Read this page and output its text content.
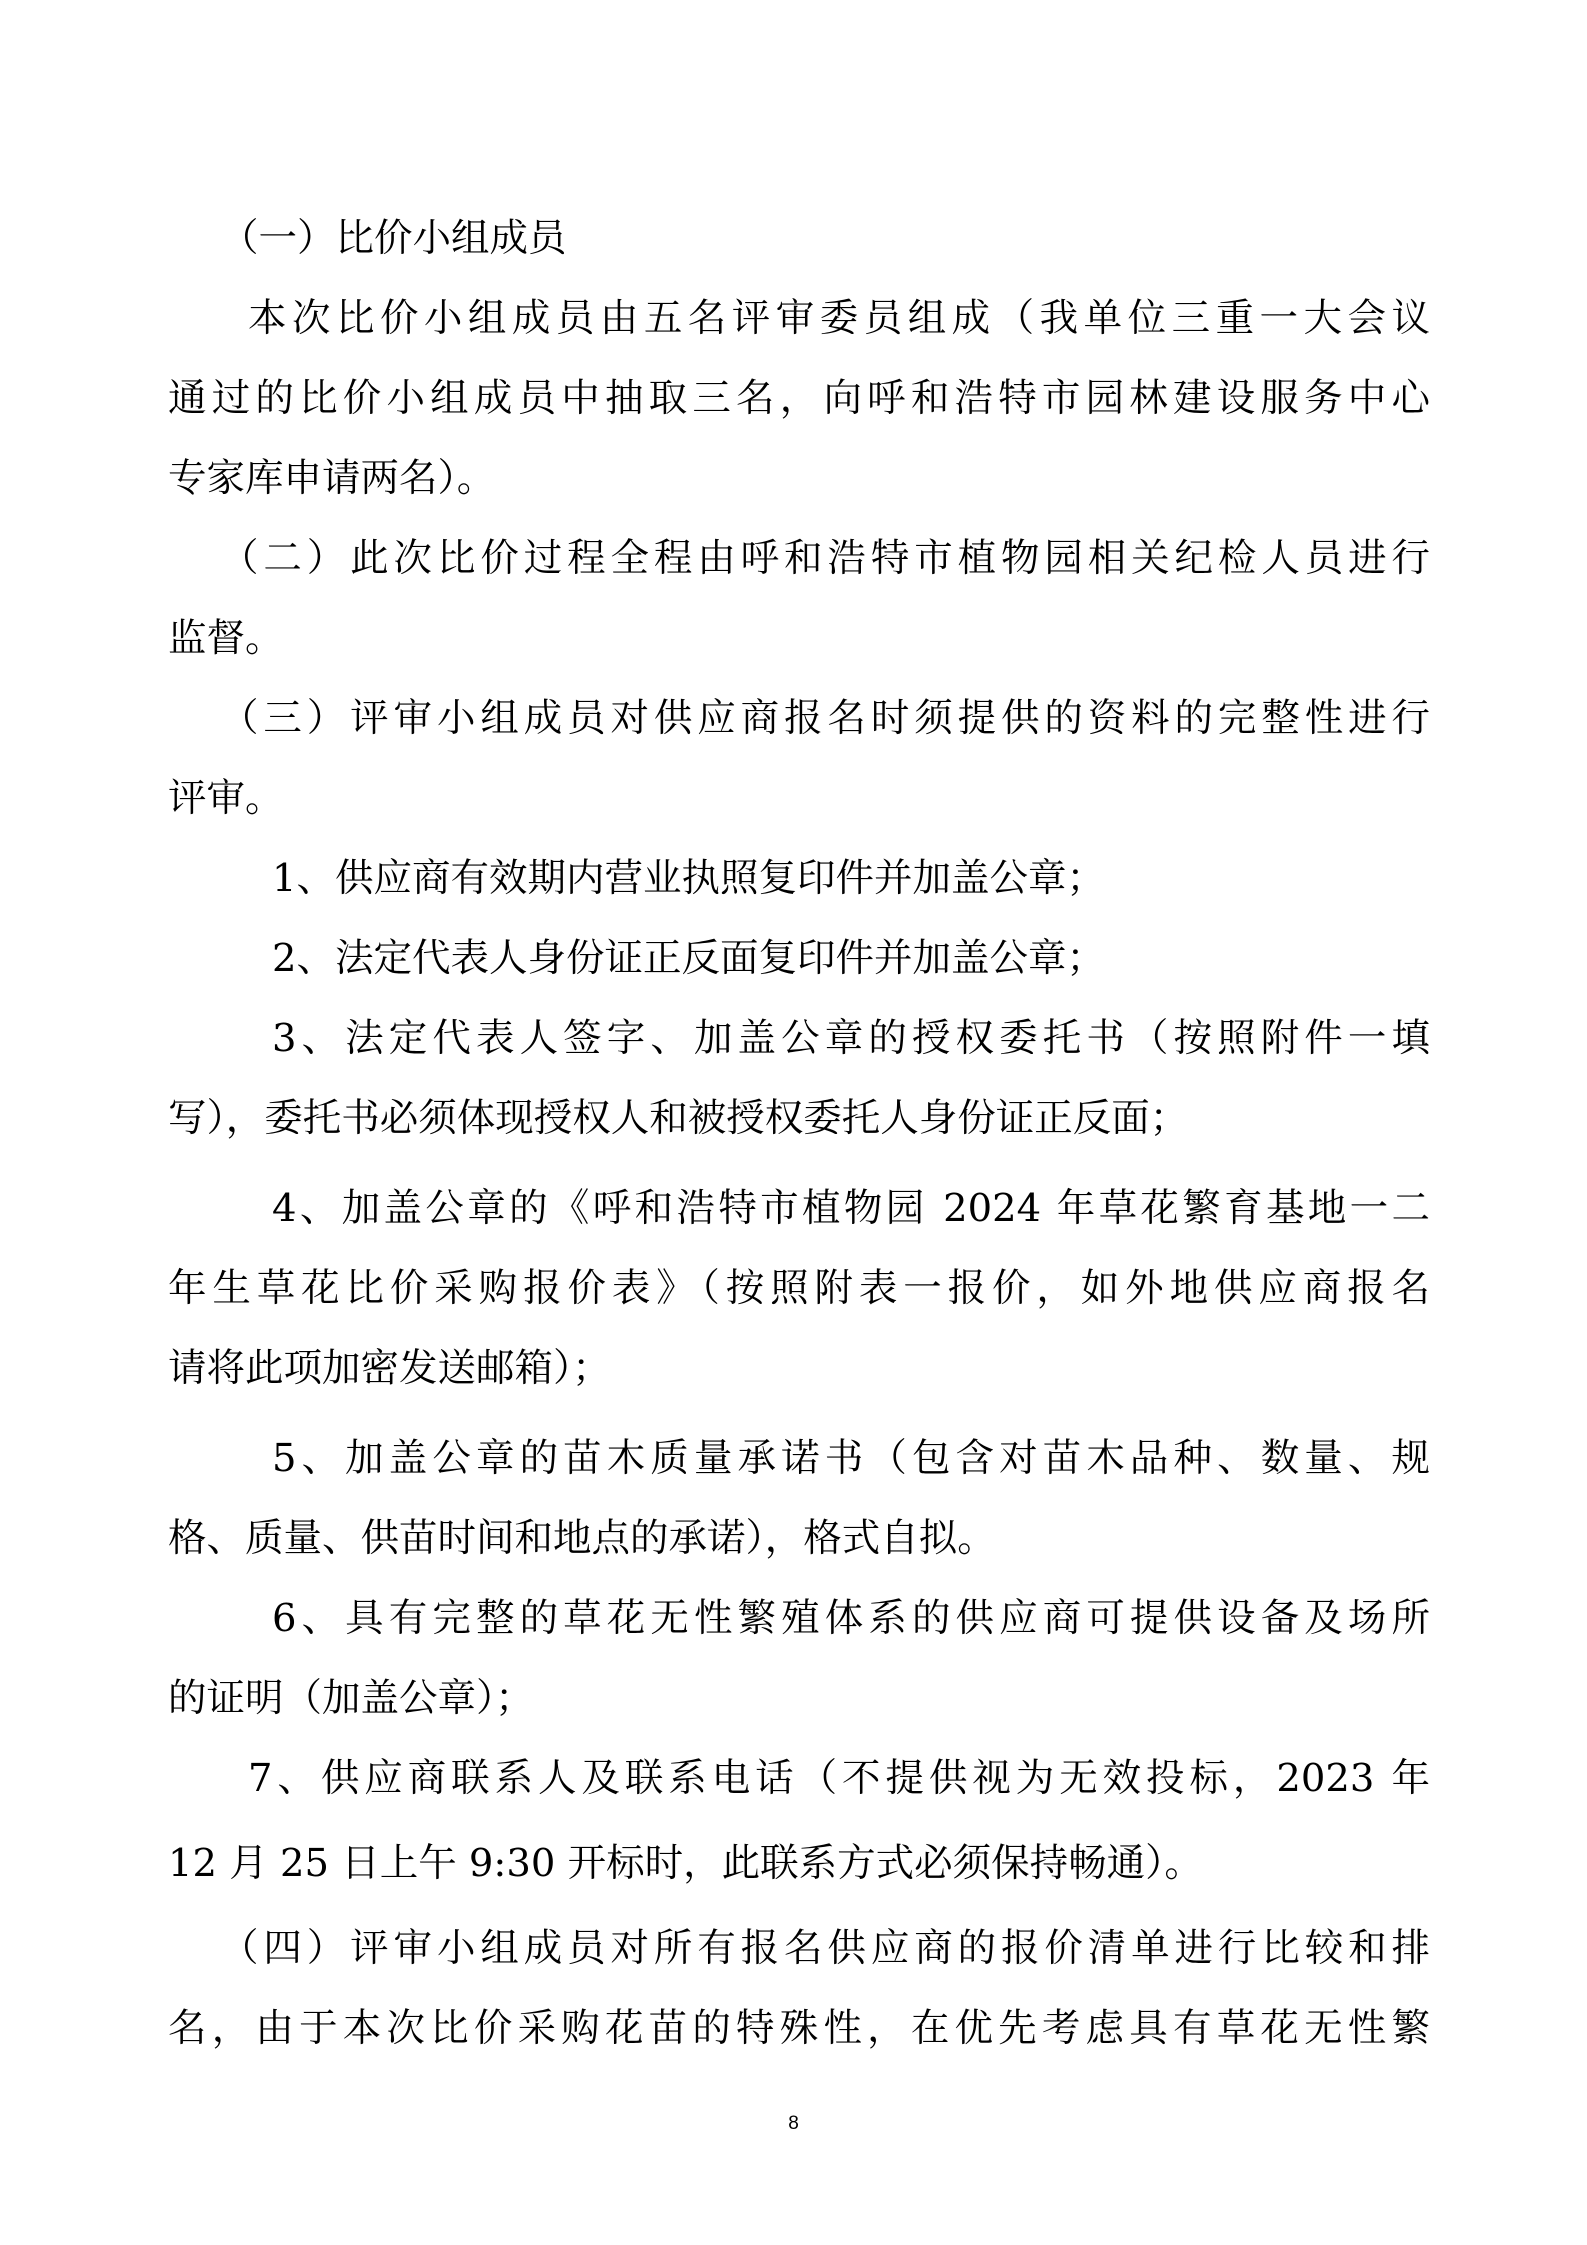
（一）比价小组成员
本次比价小组成员由五名评审委员组成（我单位三重一大会议
通过的比价小组成员中抽取三名，向呼和浩特市园林建设服务中心
专家库申请两名）。
（二）此次比价过程全程由呼和浩特市植物园相关纪检人员进行
监督。
（三）评审小组成员对供应商报名时须提供的资料的完整性进行
评审。
1、供应商有效期内营业执照复印件并加盖公章；
2、法定代表人身份证正反面复印件并加盖公章；
3、法定代表人签字、加盖公章的授权委托书（按照附件一填
写），委托书必须体现授权人和被授权委托人身份证正反面；
4、加盖公章的《呼和浩特市植物园 2024 年草花繁育基地一二
年生草花比价采购报价表》（按照附表一报价，如外地供应商报名
请将此项加密发送邮箱）；
5、加盖公章的苗木质量承诺书（包含对苗木品种、数量、规
格、质量、供苗时间和地点的承诺），格式自拟。
6、具有完整的草花无性繁殖体系的供应商可提供设备及场所
的证明（加盖公章）；
7、供应商联系人及联系电话（不提供视为无效投标，2023 年
12 月 25 日上午 9:30 开标时，此联系方式必须保持畅通）。
（四）评审小组成员对所有报名供应商的报价清单进行比较和排
名，由于本次比价采购花苗的特殊性，在优先考虑具有草花无性繁
8
